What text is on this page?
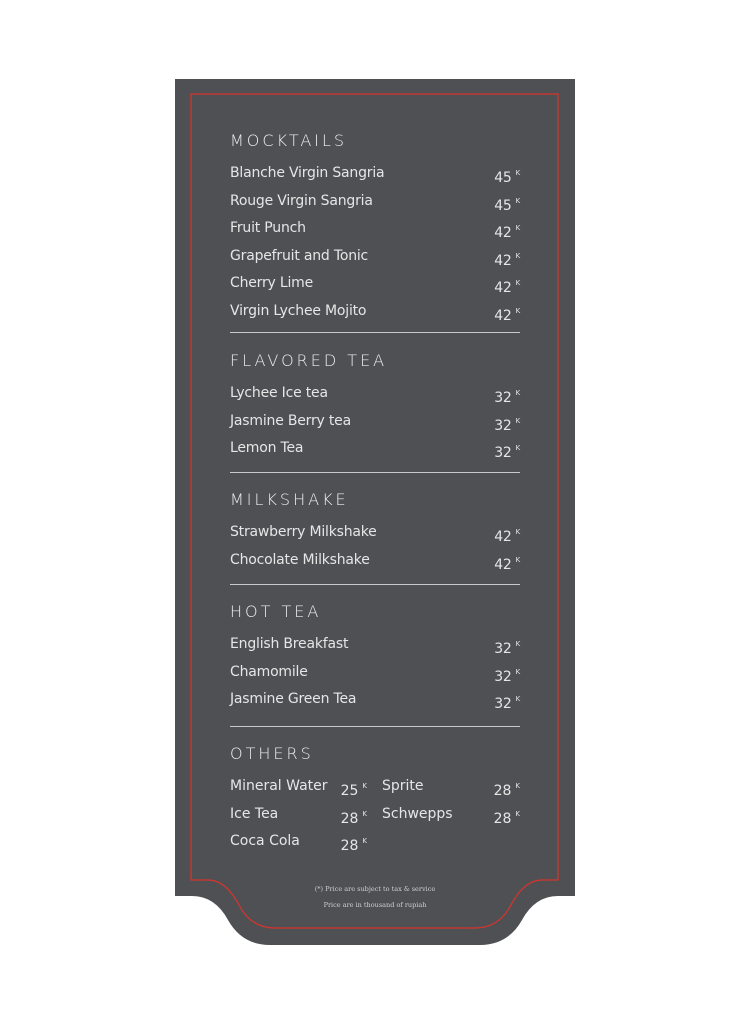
MOCKTAILS
Blanche Virgin Sangria	45 $^K$
Rouge Virgin Sangria	45 $^K$
Fruit Punch	42 $^K$
Grapefruit and Tonic	42 $^K$
Cherry Lime	42 $^K$
Virgin Lychee Mojito	42 $^K$
FLAVORED TEA
Lychee Ice tea	32 $^K$
Jasmine Berry tea	32 $^K$
Lemon Tea	32 $^K$
MILKSHAKE
Strawberry Milkshake	42 $^K$
Chocolate Milkshake	42 $^K$
HOT TEA
English Breakfast	32 $^K$
Chamomile	32 $^K$
Jasmine Green Tea	32 $^K$
OTHERS
Mineral Water 25 $^K$
Ice Tea	28 $^K$
Coca Cola	28 $^K$
Sprite	28 $^K$
Schwepps	28 $^K$
(*) Price are subject to tax & service
Price are in thousand of rupiah
